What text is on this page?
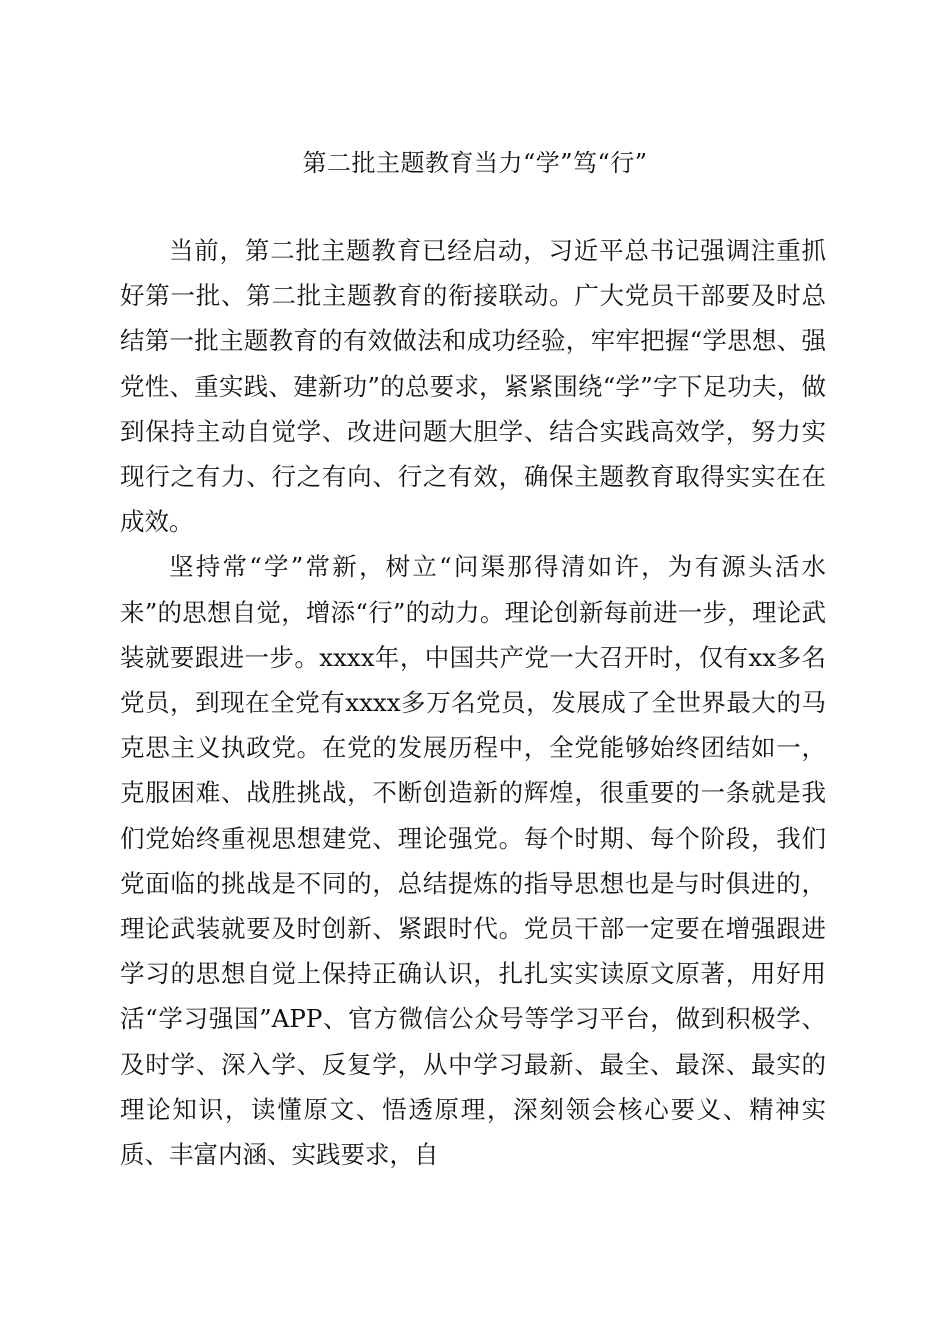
第二批主题教育当力“学”笃“行”

当前，第二批主题教育已经启动，习近平总书记强调注重抓好第一批、第二批主题教育的衔接联动。广大党员干部要及时总结第一批主题教育的有效做法和成功经验，牢牢把握“学思想、强党性、重实践、建新功”的总要求，紧紧围绕“学”字下足功夫，做到保持主动自觉学、改进问题大胆学、结合实践高效学，努力实现行之有力、行之有向、行之有效，确保主题教育取得实实在在成效。

坚持常“学”常新，树立“问渠那得清如许，为有源头活水来”的思想自觉，增添“行”的动力。理论创新每前进一步，理论武装就要跟进一步。xxxx年，中国共产党一大召开时，仅有xx多名党员，到现在全党有xxxx多万名党员，发展成了全世界最大的马克思主义执政党。在党的发展历程中，全党能够始终团结如一，克服困难、战胜挑战，不断创造新的辉煌，很重要的一条就是我们党始终重视思想建党、理论强党。每个时期、每个阶段，我们党面临的挑战是不同的，总结提炼的指导思想也是与时俱进的，理论武装就要及时创新、紧跟时代。党员干部一定要在增强跟进学习的思想自觉上保持正确认识，扎扎实实读原文原著，用好用活“学习强国”APP、官方微信公众号等学习平台，做到积极学、及时学、深入学、反复学，从中学习最新、最全、最深、最实的理论知识，读懂原文、悟透原理，深刻领会核心要义、精神实质、丰富内涵、实践要求，自
